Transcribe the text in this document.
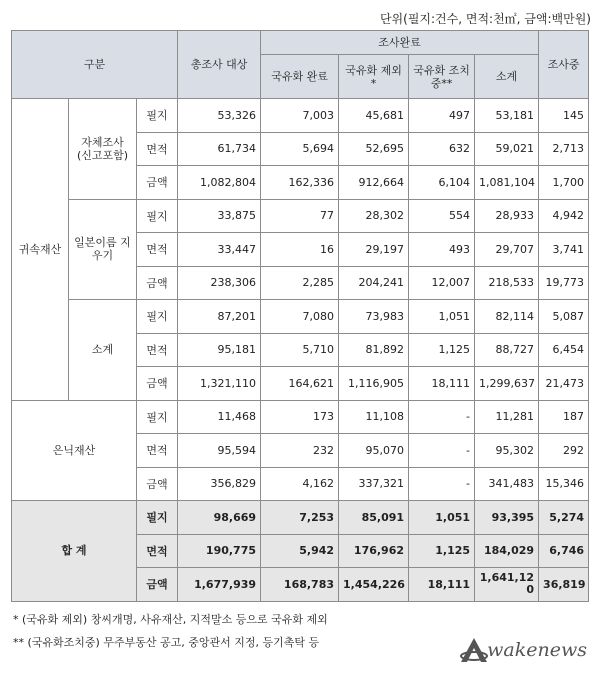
단위(필지:건수, 면적:천㎡, 금액:백만원)
구분			총조사 대상	조사완료				조사중
				국유화 완료	국유화 제외*	국유화 조치중**	소계	
귀속재산	자체조사 (신고포함)	필지	53,326	7,003	45,681	497	53,181	145
		면적	61,734	5,694	52,695	632	59,021	2,713
		금액	1,082,804	162,336	912,664	6,104	1,081,104	1,700
	일본이름 지우기	필지	33,875	77	28,302	554	28,933	4,942
		면적	33,447	16	29,197	493	29,707	3,741
		금액	238,306	2,285	204,241	12,007	218,533	19,773
	소계	필지	87,201	7,080	73,983	1,051	82,114	5,087
		면적	95,181	5,710	81,892	1,125	88,727	6,454
		금액	1,321,110	164,621	1,116,905	18,111	1,299,637	21,473
은닉재산		필지	11,468	173	11,108	-	11,281	187
		면적	95,594	232	95,070	-	95,302	292
		금액	356,829	4,162	337,321	-	341,483	15,346
합 계		필지	98,669	7,253	85,091	1,051	93,395	5,274
		면적	190,775	5,942	176,962	1,125	184,029	6,746
		금액	1,677,939	168,783	1,454,226	18,111	1,641,120	36,819
* (국유화 제외) 창씨개명, 사유재산, 지적말소 등으로 국유화 제외
** (국유화조치중) 무주부동산 공고, 중앙관서 지정, 등기촉탁 등	wakenews
